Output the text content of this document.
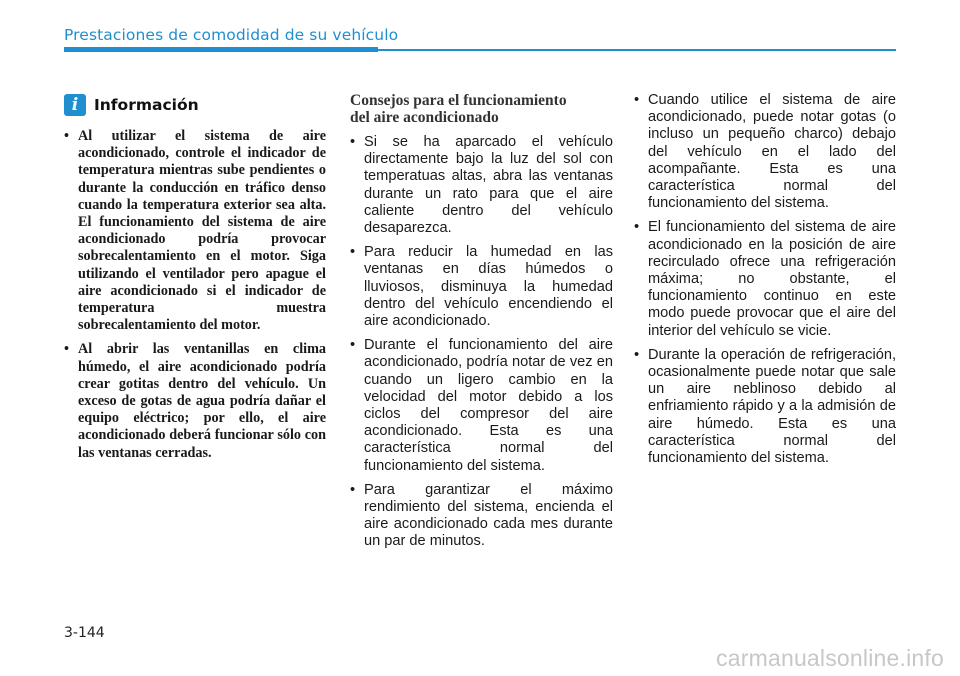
Prestaciones de comodidad de su vehículo
i	Información
• Al utilizar el sistema de aire acondicionado, controle el indicador de temperatura mientras sube pendientes o durante la conducción en tráfico denso cuando la temperatura exterior sea alta. El funcionamiento del sistema de aire acondicionado podría provocar sobrecalentamiento en el motor. Siga utilizando el ventilador pero apague el aire acondicionado si el indicador de temperatura muestra sobrecalentamiento del motor.
• Al abrir las ventanillas en clima húmedo, el aire acondicionado podría crear gotitas dentro del vehículo. Un exceso de gotas de agua podría dañar el equipo eléctrico; por ello, el aire acondicionado deberá funcionar sólo con las ventanas cerradas.
Consejos para el funcionamiento
del aire acondicionado
• Si se ha aparcado el vehículo directamente bajo la luz del sol con temperatuas altas, abra las ventanas durante un rato para que el aire caliente dentro del vehículo desaparezca.
• Para reducir la humedad en las ventanas en días húmedos o lluviosos, disminuya la humedad dentro del vehículo encendiendo el aire acondicionado.
• Durante el funcionamiento del aire acondicionado, podría notar de vez en cuando un ligero cambio en la velocidad del motor debido a los ciclos del compresor del aire acondicionado. Esta es una característica normal del funcionamiento del sistema.
• Para garantizar el máximo rendimiento del sistema, encienda el aire acondicionado cada mes durante un par de minutos.
• Cuando utilice el sistema de aire acondicionado, puede notar gotas (o incluso un pequeño charco) debajo del vehículo en el lado del acompañante. Esta es una característica normal del funcionamiento del sistema.
• El funcionamiento del sistema de aire acondicionado en la posición de aire recirculado ofrece una refrigeración máxima; no obstante, el funcionamiento continuo en este modo puede provocar que el aire del interior del vehículo se vicie.
• Durante la operación de refrigeración, ocasionalmente puede notar que sale un aire neblinoso debido al enfriamiento rápido y a la admisión de aire húmedo. Esta es una característica normal del funcionamiento del sistema.
3-144
carmanualsonline.info
